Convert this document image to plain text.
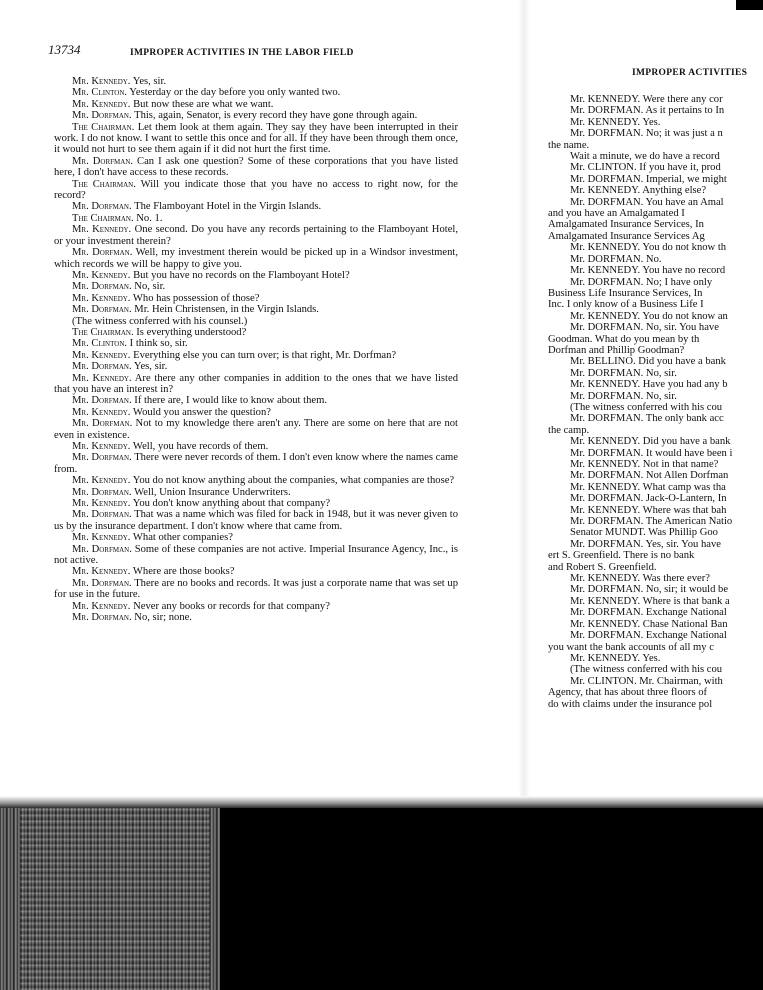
13734	IMPROPER ACTIVITIES IN THE LABOR FIELD

Mr. Kennedy. Yes, sir.

Mr. Clinton. Yesterday or the day before you only wanted two.

Mr. Kennedy. But now these are what we want.

Mr. Dorfman. This, again, Senator, is every record they have gone through again.

The Chairman. Let them look at them again. They say they have been interrupted in their work. I do not know. I want to settle this once and for all. If they have been through them once, it would not hurt to see them again if it did not hurt the first time.

Mr. Dorfman. Can I ask one question? Some of these corporations that you have listed here, I don't have access to these records.

The Chairman. Will you indicate those that you have no access to right now, for the record?

Mr. Dorfman. The Flamboyant Hotel in the Virgin Islands.

The Chairman. No. 1.

Mr. Kennedy. One second. Do you have any records pertaining to the Flamboyant Hotel, or your investment therein?

Mr. Dorfman. Well, my investment therein would be picked up in a Windsor investment, which records we will be happy to give you.

Mr. Kennedy. But you have no records on the Flamboyant Hotel?

Mr. Dorfman. No, sir.

Mr. Kennedy. Who has possession of those?

Mr. Dorfman. Mr. Hein Christensen, in the Virgin Islands.

(The witness conferred with his counsel.)

The Chairman. Is everything understood?

Mr. Clinton. I think so, sir.

Mr. Kennedy. Everything else you can turn over; is that right, Mr. Dorfman?

Mr. Dorfman. Yes, sir.

Mr. Kennedy. Are there any other companies in addition to the ones that we have listed that you have an interest in?

Mr. Dorfman. If there are, I would like to know about them.

Mr. Kennedy. Would you answer the question?

Mr. Dorfman. Not to my knowledge there aren't any. There are some on here that are not even in existence.

Mr. Kennedy. Well, you have records of them.

Mr. Dorfman. There were never records of them. I don't even know where the names came from.

Mr. Kennedy. You do not know anything about the companies, what companies are those?

Mr. Dorfman. Well, Union Insurance Underwriters.

Mr. Kennedy. You don't know anything about that company?

Mr. Dorfman. That was a name which was filed for back in 1948, but it was never given to us by the insurance department. I don't know where that came from.

Mr. Kennedy. What other companies?

Mr. Dorfman. Some of these companies are not active. Imperial Insurance Agency, Inc., is not active.

Mr. Kennedy. Where are those books?

Mr. Dorfman. There are no books and records. It was just a corporate name that was set up for use in the future.

Mr. Kennedy. Never any books or records for that company?

Mr. Dorfman. No, sir; none.

IMPROPER ACTIVITIES
Mr. KENNEDY. Were there any cor
Mr. DORFMAN. As it pertains to In
Mr. KENNEDY. Yes.
Mr. DORFMAN. No; it was just a n
the name.
Wait a minute, we do have a record
Mr. CLINTON. If you have it, prod
Mr. DORFMAN. Imperial, we might
Mr. KENNEDY. Anything else?
Mr. DORFMAN. You have an Amal
and you have an Amalgamated I
Amalgamated Insurance Services, In
Amalgamated Insurance Services Ag
Mr. KENNEDY. You do not know th
Mr. DORFMAN. No.
Mr. KENNEDY. You have no record
Mr. DORFMAN. No; I have only
Business Life Insurance Services, In
Inc. I only know of a Business Life I
Mr. KENNEDY. You do not know an
Mr. DORFMAN. No, sir. You have
Goodman. What do you mean by th
Dorfman and Phillip Goodman?
Mr. BELLINO. Did you have a bank
Mr. DORFMAN. No, sir.
Mr. KENNEDY. Have you had any b
Mr. DORFMAN. No, sir.
(The witness conferred with his cou
Mr. DORFMAN. The only bank acc
the camp.
Mr. KENNEDY. Did you have a bank
Mr. DORFMAN. It would have been i
Mr. KENNEDY. Not in that name?
Mr. DORFMAN. Not Allen Dorfman
Mr. KENNEDY. What camp was tha
Mr. DORFMAN. Jack-O-Lantern, In
Mr. KENNEDY. Where was that bah
Mr. DORFMAN. The American Natio
Senator MUNDT. Was Phillip Goo
Mr. DORFMAN. Yes, sir. You have
ert S. Greenfield. There is no bank
and Robert S. Greenfield.
Mr. KENNEDY. Was there ever?
Mr. DORFMAN. No, sir; it would be
Mr. KENNEDY. Where is that bank a
Mr. DORFMAN. Exchange National
Mr. KENNEDY. Chase National Ban
Mr. DORFMAN. Exchange National
you want the bank accounts of all my c
Mr. KENNEDY. Yes.
(The witness conferred with his cou
Mr. CLINTON. Mr. Chairman, with
Agency, that has about three floors of
do with claims under the insurance pol
